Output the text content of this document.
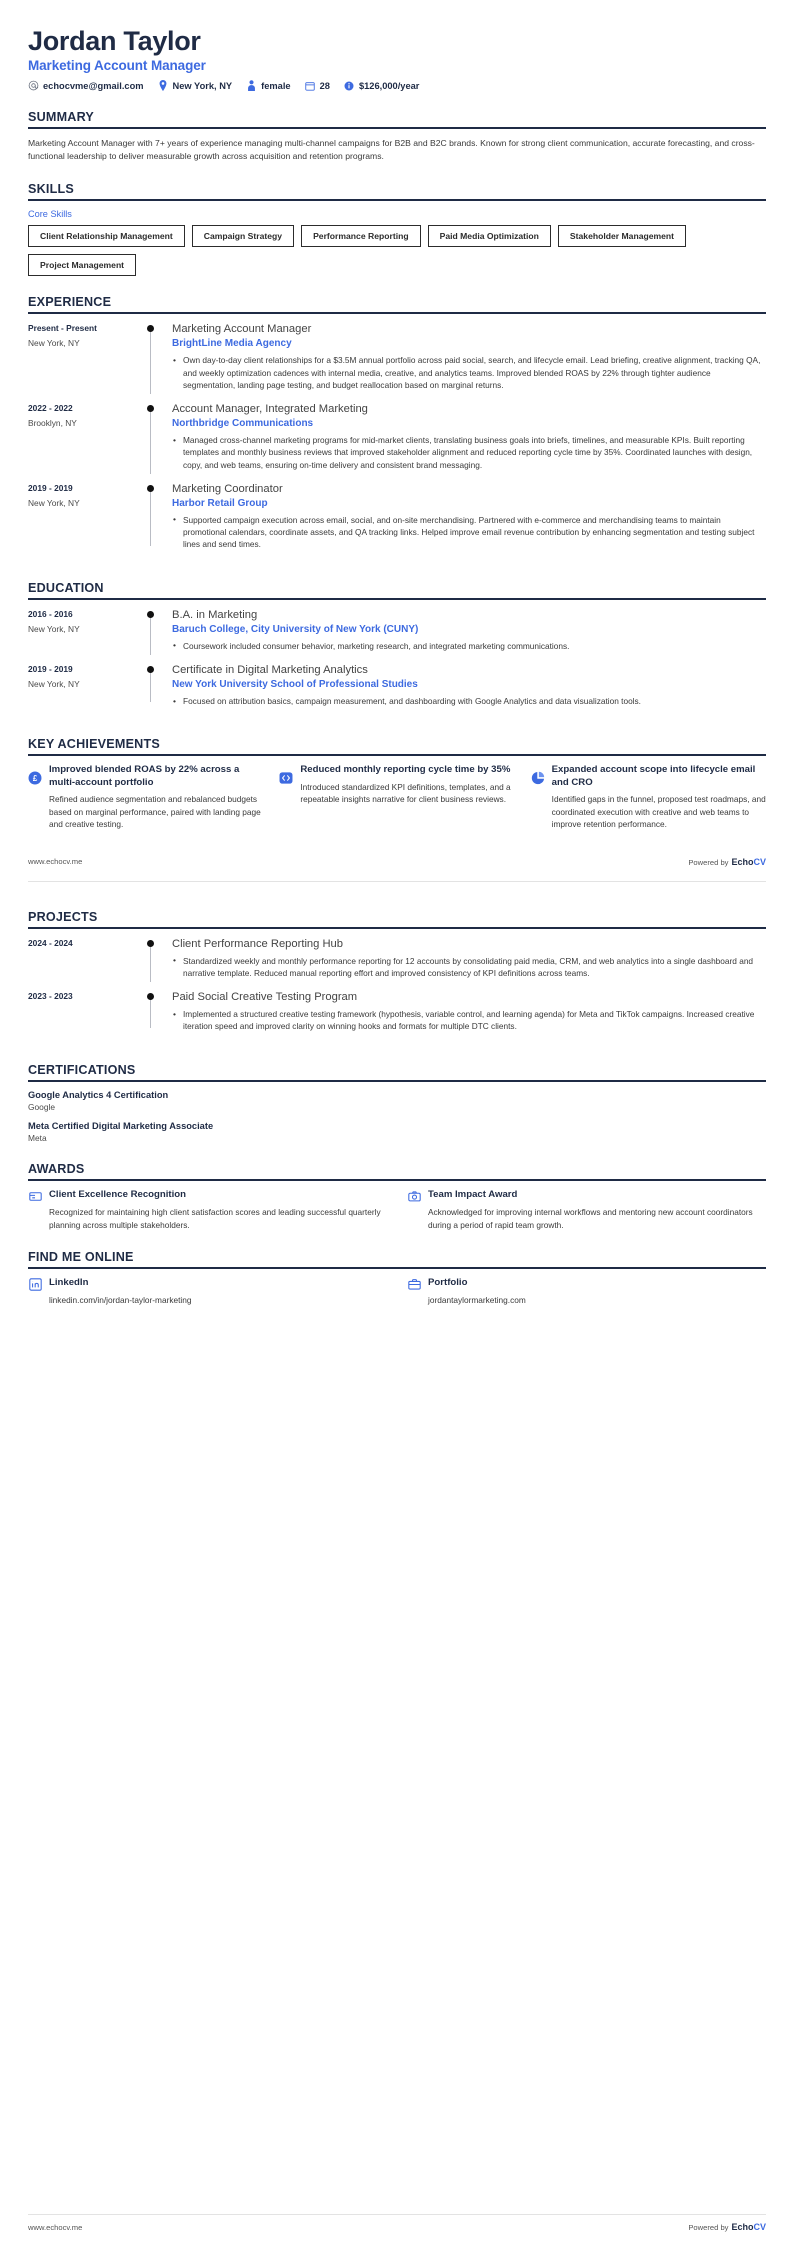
Jordan Taylor
Marketing Account Manager
echocvme@gmail.com	New York, NY	female	28	$126,000/year
SUMMARY
Marketing Account Manager with 7+ years of experience managing multi-channel campaigns for B2B and B2C brands. Known for strong client communication, accurate forecasting, and cross-functional leadership to deliver measurable growth across acquisition and retention programs.
SKILLS
Core Skills
Client Relationship Management	Campaign Strategy	Performance Reporting	Paid Media Optimization	Stakeholder Management
Project Management
EXPERIENCE
Present - Present
New York, NY
Marketing Account Manager
BrightLine Media Agency
• Own day-to-day client relationships for a $3.5M annual portfolio across paid social, search, and lifecycle email. Lead briefing, creative alignment, tracking QA, and weekly optimization cadences with internal media, creative, and analytics teams. Improved blended ROAS by 22% through tighter audience segmentation, landing page testing, and budget reallocation based on marginal returns.
2022 - 2022
Brooklyn, NY
Account Manager, Integrated Marketing
Northbridge Communications
• Managed cross-channel marketing programs for mid-market clients, translating business goals into briefs, timelines, and measurable KPIs. Built reporting templates and monthly business reviews that improved stakeholder alignment and reduced reporting cycle time by 35%. Coordinated launches with design, copy, and web teams, ensuring on-time delivery and consistent brand messaging.
2019 - 2019
New York, NY
Marketing Coordinator
Harbor Retail Group
• Supported campaign execution across email, social, and on-site merchandising. Partnered with e-commerce and merchandising teams to maintain promotional calendars, coordinate assets, and QA tracking links. Helped improve email revenue contribution by enhancing segmentation and testing subject lines and send times.
EDUCATION
2016 - 2016
New York, NY
B.A. in Marketing
Baruch College, City University of New York (CUNY)
• Coursework included consumer behavior, marketing research, and integrated marketing communications.
2019 - 2019
New York, NY
Certificate in Digital Marketing Analytics
New York University School of Professional Studies
• Focused on attribution basics, campaign measurement, and dashboarding with Google Analytics and data visualization tools.
KEY ACHIEVEMENTS
£
Improved blended ROAS by 22% across a multi-account portfolio
Refined audience segmentation and rebalanced budgets based on marginal performance, paired with landing page and creative testing.
Reduced monthly reporting cycle time by 35%
Introduced standardized KPI definitions, templates, and a repeatable insights narrative for client business reviews.
Expanded account scope into lifecycle email and CRO
Identified gaps in the funnel, proposed test roadmaps, and coordinated execution with creative and web teams to improve retention performance.
www.echocv.me	Powered by EchoCV
PROJECTS
2024 - 2024	Client Performance Reporting Hub
• Standardized weekly and monthly performance reporting for 12 accounts by consolidating paid media, CRM, and web analytics into a single dashboard and narrative template. Reduced manual reporting effort and improved consistency of KPI definitions across teams.
2023 - 2023	Paid Social Creative Testing Program
• Implemented a structured creative testing framework (hypothesis, variable control, and learning agenda) for Meta and TikTok campaigns. Increased creative iteration speed and improved clarity on winning hooks and formats for multiple DTC clients.
CERTIFICATIONS
Google Analytics 4 Certification
Google
Meta Certified Digital Marketing Associate
Meta
AWARDS
Client Excellence Recognition
Recognized for maintaining high client satisfaction scores and leading successful quarterly planning across multiple stakeholders.
Team Impact Award
Acknowledged for improving internal workflows and mentoring new account coordinators during a period of rapid team growth.
FIND ME ONLINE
LinkedIn
linkedin.com/in/jordan-taylor-marketing
Portfolio
jordantaylormarketing.com
www.echocv.me	Powered by EchoCV
